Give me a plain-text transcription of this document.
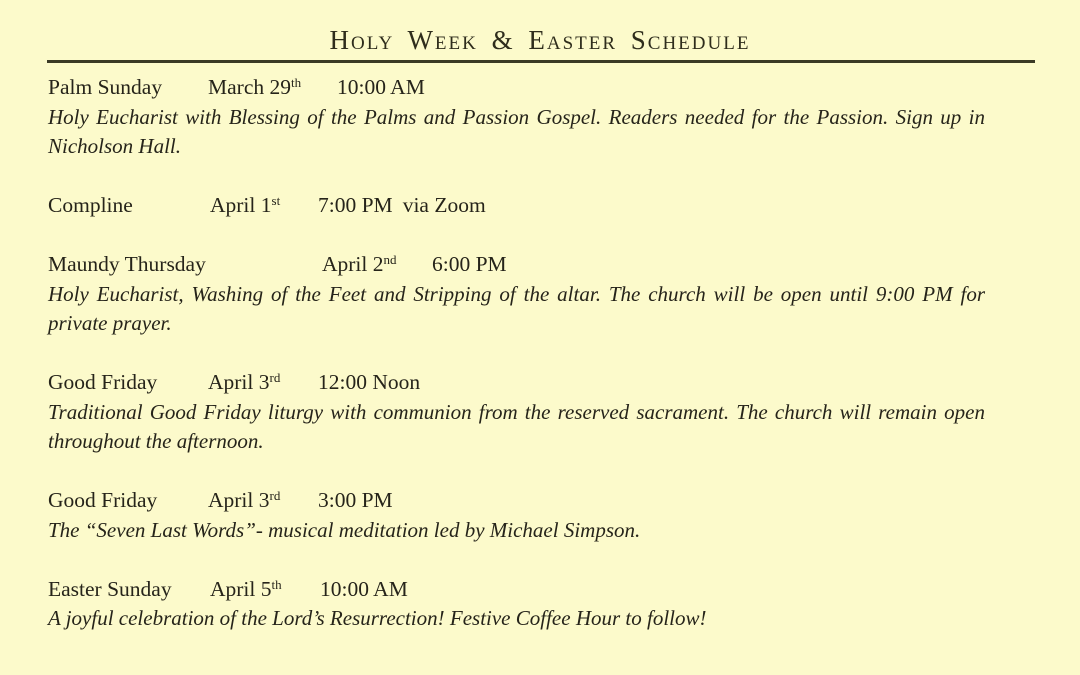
Holy Week & Easter Schedule
Palm Sunday March 29th 10:00 AM
Holy Eucharist with Blessing of the Palms and Passion Gospel. Readers needed for the Passion. Sign up in
Nicholson Hall.
Compline	April 1st 7:00 PM via Zoom
Maundy Thursday	April 2nd 6:00 PM
Holy Eucharist, Washing of the Feet and Stripping of the altar. The church will be open until 9:00 PM for
private prayer.
Good Friday April 3rd 12:00 Noon
Traditional Good Friday liturgy with communion from the reserved sacrament. The church will remain open
throughout the afternoon.
Good Friday April 3rd 3:00 PM
The “Seven Last Words”- musical meditation led by Michael Simpson.
Easter Sunday April 5th 10:00 AM
A joyful celebration of the Lord’s Resurrection! Festive Coffee Hour to follow!
